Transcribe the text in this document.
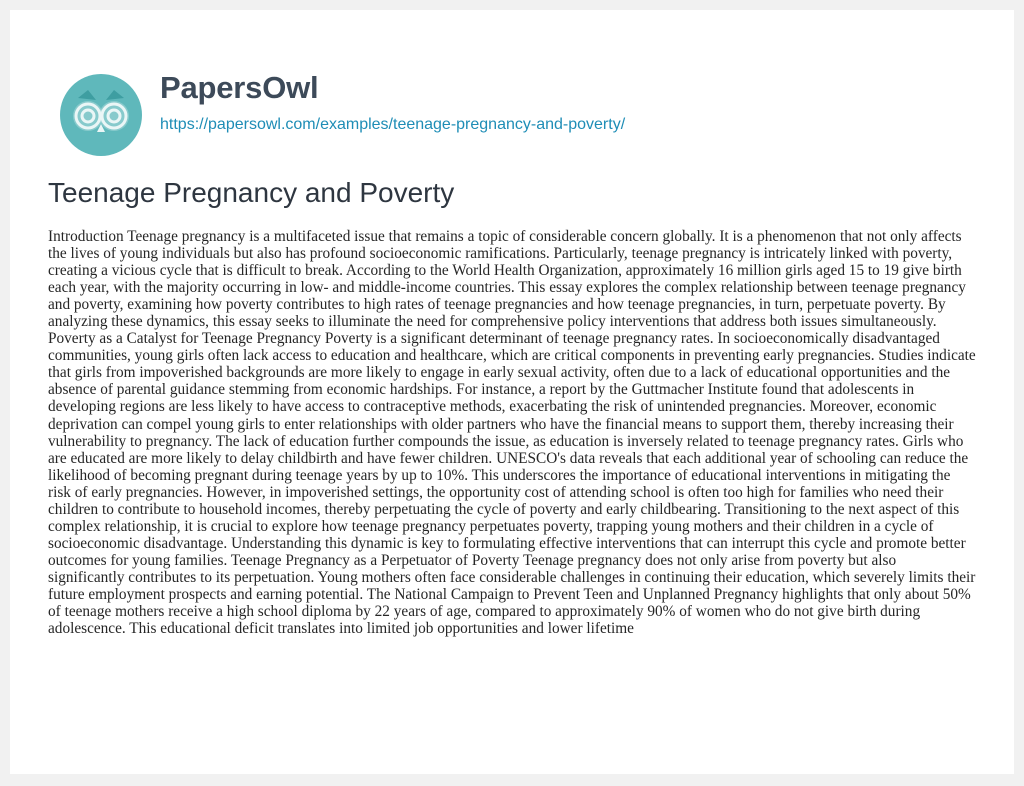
PapersOwl
https://papersowl.com/examples/teenage-pregnancy-and-poverty/
Teenage Pregnancy and Poverty

Introduction Teenage pregnancy is a multifaceted issue that remains a topic of considerable concern globally. It is a phenomenon that not only affects the lives of young individuals but also has profound socioeconomic ramifications. Particularly, teenage pregnancy is intricately linked with poverty, creating a vicious cycle that is difficult to break. According to the World Health Organization, approximately 16 million girls aged 15 to 19 give birth each year, with the majority occurring in low- and middle-income countries. This essay explores the complex relationship between teenage pregnancy and poverty, examining how poverty contributes to high rates of teenage pregnancies and how teenage pregnancies, in turn, perpetuate poverty. By analyzing these dynamics, this essay seeks to illuminate the need for comprehensive policy interventions that address both issues simultaneously. Poverty as a Catalyst for Teenage Pregnancy Poverty is a significant determinant of teenage pregnancy rates. In socioeconomically disadvantaged communities, young girls often lack access to education and healthcare, which are critical components in preventing early pregnancies. Studies indicate that girls from impoverished backgrounds are more likely to engage in early sexual activity, often due to a lack of educational opportunities and the absence of parental guidance stemming from economic hardships. For instance, a report by the Guttmacher Institute found that adolescents in developing regions are less likely to have access to contraceptive methods, exacerbating the risk of unintended pregnancies. Moreover, economic deprivation can compel young girls to enter relationships with older partners who have the financial means to support them, thereby increasing their vulnerability to pregnancy. The lack of education further compounds the issue, as education is inversely related to teenage pregnancy rates. Girls who are educated are more likely to delay childbirth and have fewer children. UNESCO's data reveals that each additional year of schooling can reduce the likelihood of becoming pregnant during teenage years by up to 10%. This underscores the importance of educational interventions in mitigating the risk of early pregnancies. However, in impoverished settings, the opportunity cost of attending school is often too high for families who need their children to contribute to household incomes, thereby perpetuating the cycle of poverty and early childbearing. Transitioning to the next aspect of this complex relationship, it is crucial to explore how teenage pregnancy perpetuates poverty, trapping young mothers and their children in a cycle of socioeconomic disadvantage. Understanding this dynamic is key to formulating effective interventions that can interrupt this cycle and promote better outcomes for young families. Teenage Pregnancy as a Perpetuator of Poverty Teenage pregnancy does not only arise from poverty but also significantly contributes to its perpetuation. Young mothers often face considerable challenges in continuing their education, which severely limits their future employment prospects and earning potential. The National Campaign to Prevent Teen and Unplanned Pregnancy highlights that only about 50% of teenage mothers receive a high school diploma by 22 years of age, compared to approximately 90% of women who do not give birth during adolescence. This educational deficit translates into limited job opportunities and lower lifetime
